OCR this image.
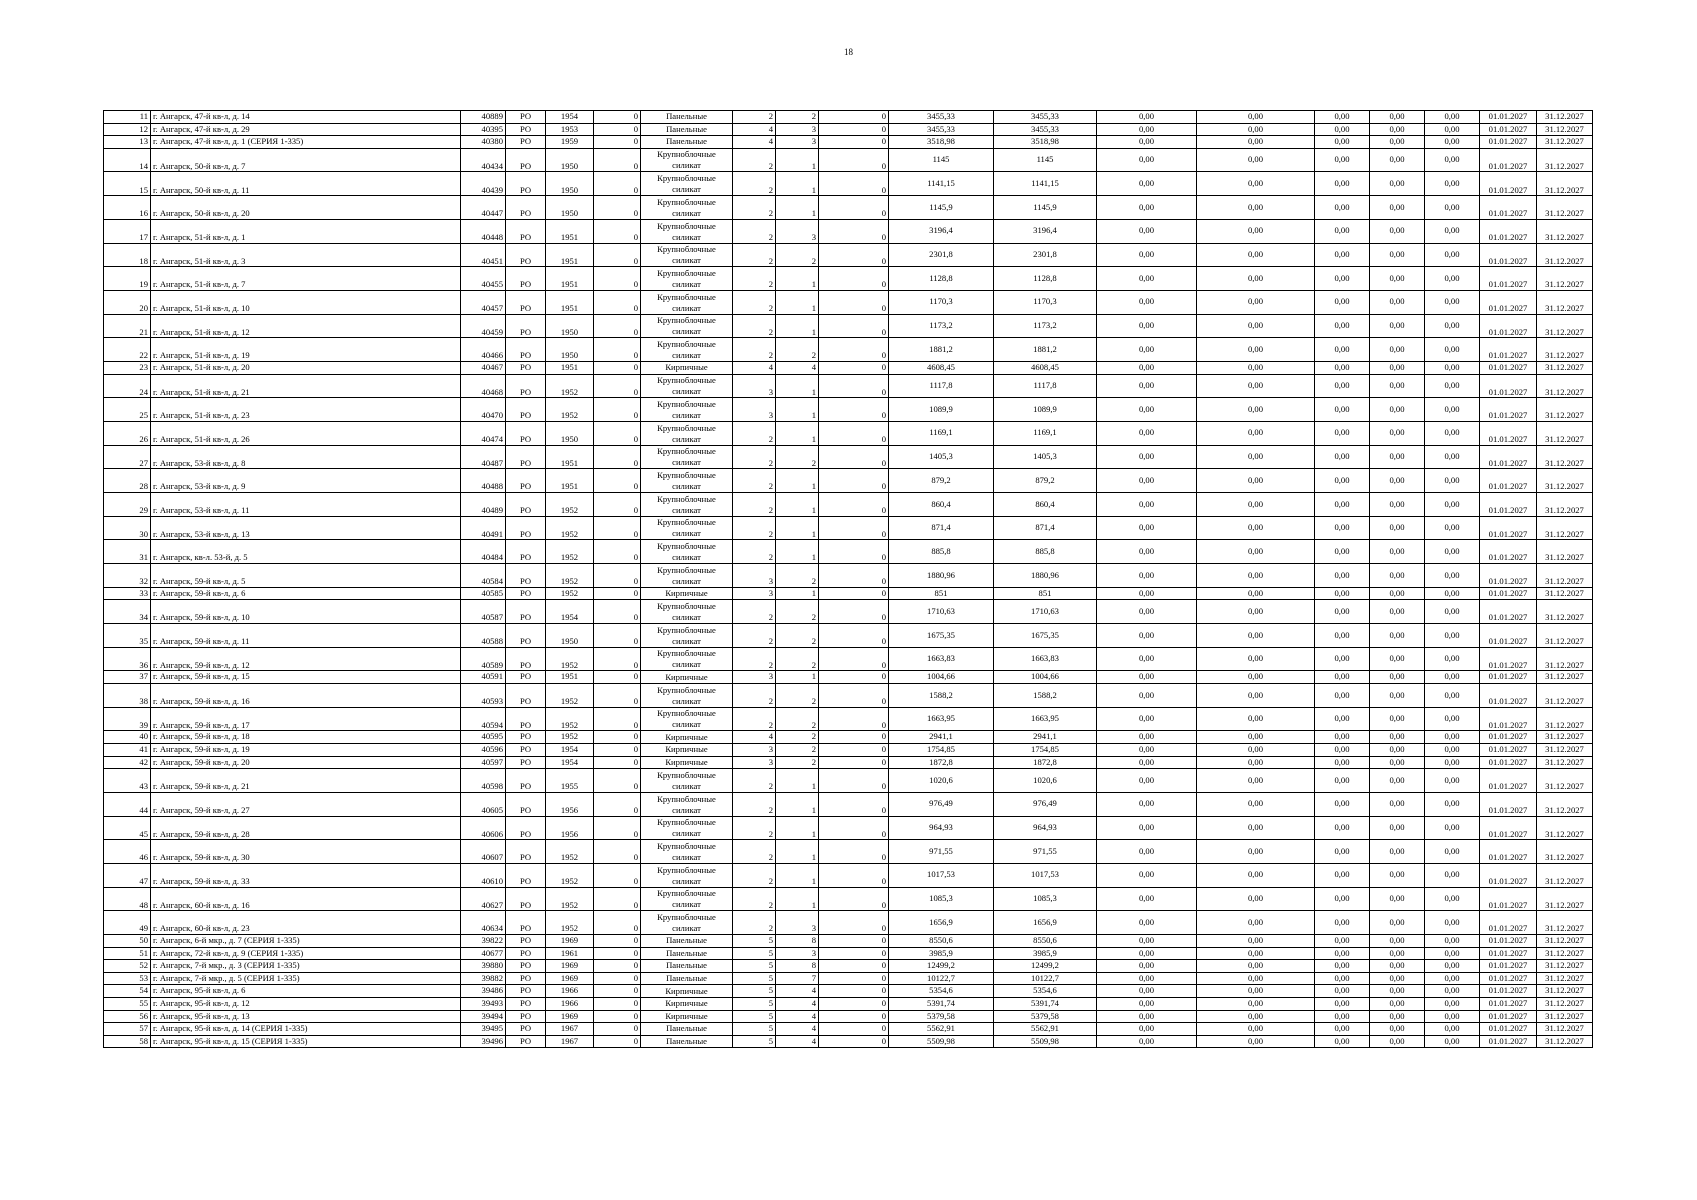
18
11	г. Ангарск, 47-й кв-л, д. 14	40889	РО	1954	0	Панельные	2	2	0	3455,33	3455,33	0,00	0,00	0,00	0,00	0,00	01.01.2027	31.12.2027
12	г. Ангарск, 47-й кв-л, д. 29	40395	РО	1953	0	Панельные	4	3	0	3455,33	3455,33	0,00	0,00	0,00	0,00	0,00	01.01.2027	31.12.2027
13	г. Ангарск, 47-й кв-л, д. 1 (СЕРИЯ 1-335)	40380	РО	1959	0	Панельные	4	3	0	3518,98	3518,98	0,00	0,00	0,00	0,00	0,00	01.01.2027	31.12.2027
14	г. Ангарск, 50-й кв-л, д. 7	40434	РО	1950	0	Крупноблочные силикат	2	1	0	1145	1145	0,00	0,00	0,00	0,00	0,00	01.01.2027	31.12.2027
15	г. Ангарск, 50-й кв-л, д. 11	40439	РО	1950	0	Крупноблочные силикат	2	1	0	1141,15	1141,15	0,00	0,00	0,00	0,00	0,00	01.01.2027	31.12.2027
16	г. Ангарск, 50-й кв-л, д. 20	40447	РО	1950	0	Крупноблочные силикат	2	1	0	1145,9	1145,9	0,00	0,00	0,00	0,00	0,00	01.01.2027	31.12.2027
17	г. Ангарск, 51-й кв-л, д. 1	40448	РО	1951	0	Крупноблочные силикат	2	3	0	3196,4	3196,4	0,00	0,00	0,00	0,00	0,00	01.01.2027	31.12.2027
18	г. Ангарск, 51-й кв-л, д. 3	40451	РО	1951	0	Крупноблочные силикат	2	2	0	2301,8	2301,8	0,00	0,00	0,00	0,00	0,00	01.01.2027	31.12.2027
19	г. Ангарск, 51-й кв-л, д. 7	40455	РО	1951	0	Крупноблочные силикат	2	1	0	1128,8	1128,8	0,00	0,00	0,00	0,00	0,00	01.01.2027	31.12.2027
20	г. Ангарск, 51-й кв-л, д. 10	40457	РО	1951	0	Крупноблочные силикат	2	1	0	1170,3	1170,3	0,00	0,00	0,00	0,00	0,00	01.01.2027	31.12.2027
21	г. Ангарск, 51-й кв-л, д. 12	40459	РО	1950	0	Крупноблочные силикат	2	1	0	1173,2	1173,2	0,00	0,00	0,00	0,00	0,00	01.01.2027	31.12.2027
22	г. Ангарск, 51-й кв-л, д. 19	40466	РО	1950	0	Крупноблочные силикат	2	2	0	1881,2	1881,2	0,00	0,00	0,00	0,00	0,00	01.01.2027	31.12.2027
23	г. Ангарск, 51-й кв-л, д. 20	40467	РО	1951	0	Кирпичные	4	4	0	4608,45	4608,45	0,00	0,00	0,00	0,00	0,00	01.01.2027	31.12.2027
24	г. Ангарск, 51-й кв-л, д. 21	40468	РО	1952	0	Крупноблочные силикат	3	1	0	1117,8	1117,8	0,00	0,00	0,00	0,00	0,00	01.01.2027	31.12.2027
25	г. Ангарск, 51-й кв-л, д. 23	40470	РО	1952	0	Крупноблочные силикат	3	1	0	1089,9	1089,9	0,00	0,00	0,00	0,00	0,00	01.01.2027	31.12.2027
26	г. Ангарск, 51-й кв-л, д. 26	40474	РО	1950	0	Крупноблочные силикат	2	1	0	1169,1	1169,1	0,00	0,00	0,00	0,00	0,00	01.01.2027	31.12.2027
27	г. Ангарск, 53-й кв-л, д. 8	40487	РО	1951	0	Крупноблочные силикат	2	2	0	1405,3	1405,3	0,00	0,00	0,00	0,00	0,00	01.01.2027	31.12.2027
28	г. Ангарск, 53-й кв-л, д. 9	40488	РО	1951	0	Крупноблочные силикат	2	1	0	879,2	879,2	0,00	0,00	0,00	0,00	0,00	01.01.2027	31.12.2027
29	г. Ангарск, 53-й кв-л, д. 11	40489	РО	1952	0	Крупноблочные силикат	2	1	0	860,4	860,4	0,00	0,00	0,00	0,00	0,00	01.01.2027	31.12.2027
30	г. Ангарск, 53-й кв-л, д. 13	40491	РО	1952	0	Крупноблочные силикат	2	1	0	871,4	871,4	0,00	0,00	0,00	0,00	0,00	01.01.2027	31.12.2027
31	г. Ангарск, кв-л. 53-й, д. 5	40484	РО	1952	0	Крупноблочные силикат	2	1	0	885,8	885,8	0,00	0,00	0,00	0,00	0,00	01.01.2027	31.12.2027
32	г. Ангарск, 59-й кв-л, д. 5	40584	РО	1952	0	Крупноблочные силикат	3	2	0	1880,96	1880,96	0,00	0,00	0,00	0,00	0,00	01.01.2027	31.12.2027
33	г. Ангарск, 59-й кв-л, д. 6	40585	РО	1952	0	Кирпичные	3	1	0	851	851	0,00	0,00	0,00	0,00	0,00	01.01.2027	31.12.2027
34	г. Ангарск, 59-й кв-л, д. 10	40587	РО	1954	0	Крупноблочные силикат	2	2	0	1710,63	1710,63	0,00	0,00	0,00	0,00	0,00	01.01.2027	31.12.2027
35	г. Ангарск, 59-й кв-л, д. 11	40588	РО	1950	0	Крупноблочные силикат	2	2	0	1675,35	1675,35	0,00	0,00	0,00	0,00	0,00	01.01.2027	31.12.2027
36	г. Ангарск, 59-й кв-л, д. 12	40589	РО	1952	0	Крупноблочные силикат	2	2	0	1663,83	1663,83	0,00	0,00	0,00	0,00	0,00	01.01.2027	31.12.2027
37	г. Ангарск, 59-й кв-л, д. 15	40591	РО	1951	0	Кирпичные	3	1	0	1004,66	1004,66	0,00	0,00	0,00	0,00	0,00	01.01.2027	31.12.2027
38	г. Ангарск, 59-й кв-л, д. 16	40593	РО	1952	0	Крупноблочные силикат	2	2	0	1588,2	1588,2	0,00	0,00	0,00	0,00	0,00	01.01.2027	31.12.2027
39	г. Ангарск, 59-й кв-л, д. 17	40594	РО	1952	0	Крупноблочные силикат	2	2	0	1663,95	1663,95	0,00	0,00	0,00	0,00	0,00	01.01.2027	31.12.2027
40	г. Ангарск, 59-й кв-л, д. 18	40595	РО	1952	0	Кирпичные	4	2	0	2941,1	2941,1	0,00	0,00	0,00	0,00	0,00	01.01.2027	31.12.2027
41	г. Ангарск, 59-й кв-л, д. 19	40596	РО	1954	0	Кирпичные	3	2	0	1754,85	1754,85	0,00	0,00	0,00	0,00	0,00	01.01.2027	31.12.2027
42	г. Ангарск, 59-й кв-л, д. 20	40597	РО	1954	0	Кирпичные	3	2	0	1872,8	1872,8	0,00	0,00	0,00	0,00	0,00	01.01.2027	31.12.2027
43	г. Ангарск, 59-й кв-л, д. 21	40598	РО	1955	0	Крупноблочные силикат	2	1	0	1020,6	1020,6	0,00	0,00	0,00	0,00	0,00	01.01.2027	31.12.2027
44	г. Ангарск, 59-й кв-л, д. 27	40605	РО	1956	0	Крупноблочные силикат	2	1	0	976,49	976,49	0,00	0,00	0,00	0,00	0,00	01.01.2027	31.12.2027
45	г. Ангарск, 59-й кв-л, д. 28	40606	РО	1956	0	Крупноблочные силикат	2	1	0	964,93	964,93	0,00	0,00	0,00	0,00	0,00	01.01.2027	31.12.2027
46	г. Ангарск, 59-й кв-л, д. 30	40607	РО	1952	0	Крупноблочные силикат	2	1	0	971,55	971,55	0,00	0,00	0,00	0,00	0,00	01.01.2027	31.12.2027
47	г. Ангарск, 59-й кв-л, д. 33	40610	РО	1952	0	Крупноблочные силикат	2	1	0	1017,53	1017,53	0,00	0,00	0,00	0,00	0,00	01.01.2027	31.12.2027
48	г. Ангарск, 60-й кв-л, д. 16	40627	РО	1952	0	Крупноблочные силикат	2	1	0	1085,3	1085,3	0,00	0,00	0,00	0,00	0,00	01.01.2027	31.12.2027
49	г. Ангарск, 60-й кв-л, д. 23	40634	РО	1952	0	Крупноблочные силикат	2	3	0	1656,9	1656,9	0,00	0,00	0,00	0,00	0,00	01.01.2027	31.12.2027
50	г. Ангарск, 6-й мкр., д. 7 (СЕРИЯ 1-335)	39822	РО	1969	0	Панельные	5	8	0	8550,6	8550,6	0,00	0,00	0,00	0,00	0,00	01.01.2027	31.12.2027
51	г. Ангарск, 72-й кв-л, д. 9 (СЕРИЯ 1-335)	40677	РО	1961	0	Панельные	5	3	0	3985,9	3985,9	0,00	0,00	0,00	0,00	0,00	01.01.2027	31.12.2027
52	г. Ангарск, 7-й мкр., д. 3 (СЕРИЯ 1-335)	39880	РО	1969	0	Панельные	5	8	0	12499,2	12499,2	0,00	0,00	0,00	0,00	0,00	01.01.2027	31.12.2027
53	г. Ангарск, 7-й мкр., д. 5 (СЕРИЯ 1-335)	39882	РО	1969	0	Панельные	5	7	0	10122,7	10122,7	0,00	0,00	0,00	0,00	0,00	01.01.2027	31.12.2027
54	г. Ангарск, 95-й кв-л, д. 6	39486	РО	1966	0	Кирпичные	5	4	0	5354,6	5354,6	0,00	0,00	0,00	0,00	0,00	01.01.2027	31.12.2027
55	г. Ангарск, 95-й кв-л, д. 12	39493	РО	1966	0	Кирпичные	5	4	0	5391,74	5391,74	0,00	0,00	0,00	0,00	0,00	01.01.2027	31.12.2027
56	г. Ангарск, 95-й кв-л, д. 13	39494	РО	1969	0	Кирпичные	5	4	0	5379,58	5379,58	0,00	0,00	0,00	0,00	0,00	01.01.2027	31.12.2027
57	г. Ангарск, 95-й кв-л, д. 14 (СЕРИЯ 1-335)	39495	РО	1967	0	Панельные	5	4	0	5562,91	5562,91	0,00	0,00	0,00	0,00	0,00	01.01.2027	31.12.2027
58	г. Ангарск, 95-й кв-л, д. 15 (СЕРИЯ 1-335)	39496	РО	1967	0	Панельные	5	4	0	5509,98	5509,98	0,00	0,00	0,00	0,00	0,00	01.01.2027	31.12.2027
